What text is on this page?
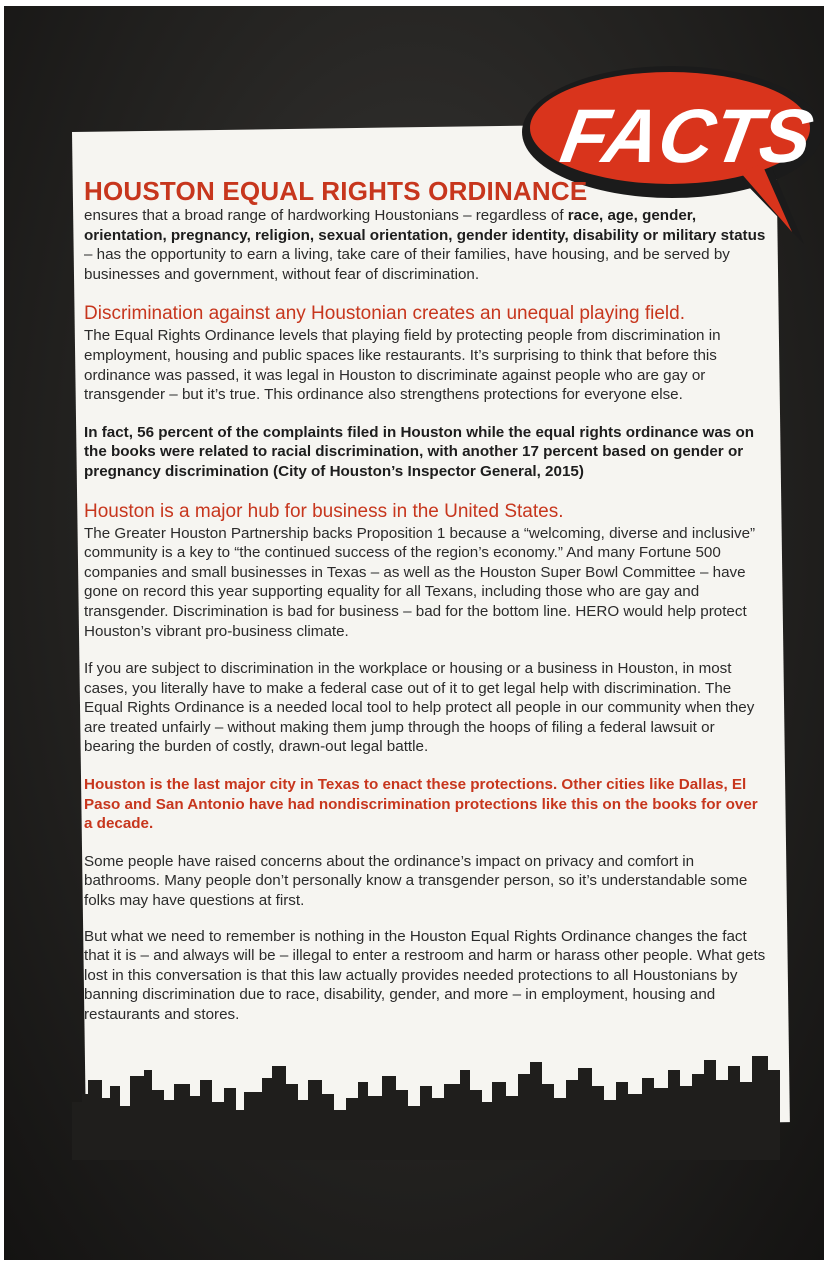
FACTS

HOUSTON EQUAL RIGHTS ORDINANCE

ensures that a broad range of hardworking Houstonians – regardless of race, age, gender, orientation, pregnancy, religion, sexual orientation, gender identity, disability or military status – has the opportunity to earn a living, take care of their families, have housing, and be served by businesses and government, without fear of discrimination.

Discrimination against any Houstonian creates an unequal playing field.

The Equal Rights Ordinance levels that playing field by protecting people from discrimination in employment, housing and public spaces like restaurants. It’s surprising to think that before this ordinance was passed, it was legal in Houston to discriminate against people who are gay or transgender – but it’s true. This ordinance also strengthens protections for everyone else.

In fact, 56 percent of the complaints filed in Houston while the equal rights ordinance was on the books were related to racial discrimination, with another 17 percent based on gender or pregnancy discrimination (City of Houston’s Inspector General, 2015)

Houston is a major hub for business in the United States.

The Greater Houston Partnership backs Proposition 1 because a “welcoming, diverse and inclusive” community is a key to “the continued success of the region’s economy.” And many Fortune 500 companies and small businesses in Texas – as well as the Houston Super Bowl Committee – have gone on record this year supporting equality for all Texans, including those who are gay and transgender. Discrimination is bad for business – bad for the bottom line. HERO would help protect Houston’s vibrant pro-business climate.

If you are subject to discrimination in the workplace or housing or a business in Houston, in most cases, you literally have to make a federal case out of it to get legal help with discrimination. The Equal Rights Ordinance is a needed local tool to help protect all people in our community when they are treated unfairly – without making them jump through the hoops of filing a federal lawsuit or bearing the burden of costly, drawn-out legal battle.

Houston is the last major city in Texas to enact these protections. Other cities like Dallas, El Paso and San Antonio have had nondiscrimination protections like this on the books for over a decade.

Some people have raised concerns about the ordinance’s impact on privacy and comfort in bathrooms. Many people don’t personally know a transgender person, so it’s understandable some folks may have questions at first.

But what we need to remember is nothing in the Houston Equal Rights Ordinance changes the fact that it is – and always will be – illegal to enter a restroom and harm or harass other people. What gets lost in this conversation is that this law actually provides needed protections to all Houstonians by banning discrimination due to race, disability, gender, and more – in employment, housing and restaurants and stores.
